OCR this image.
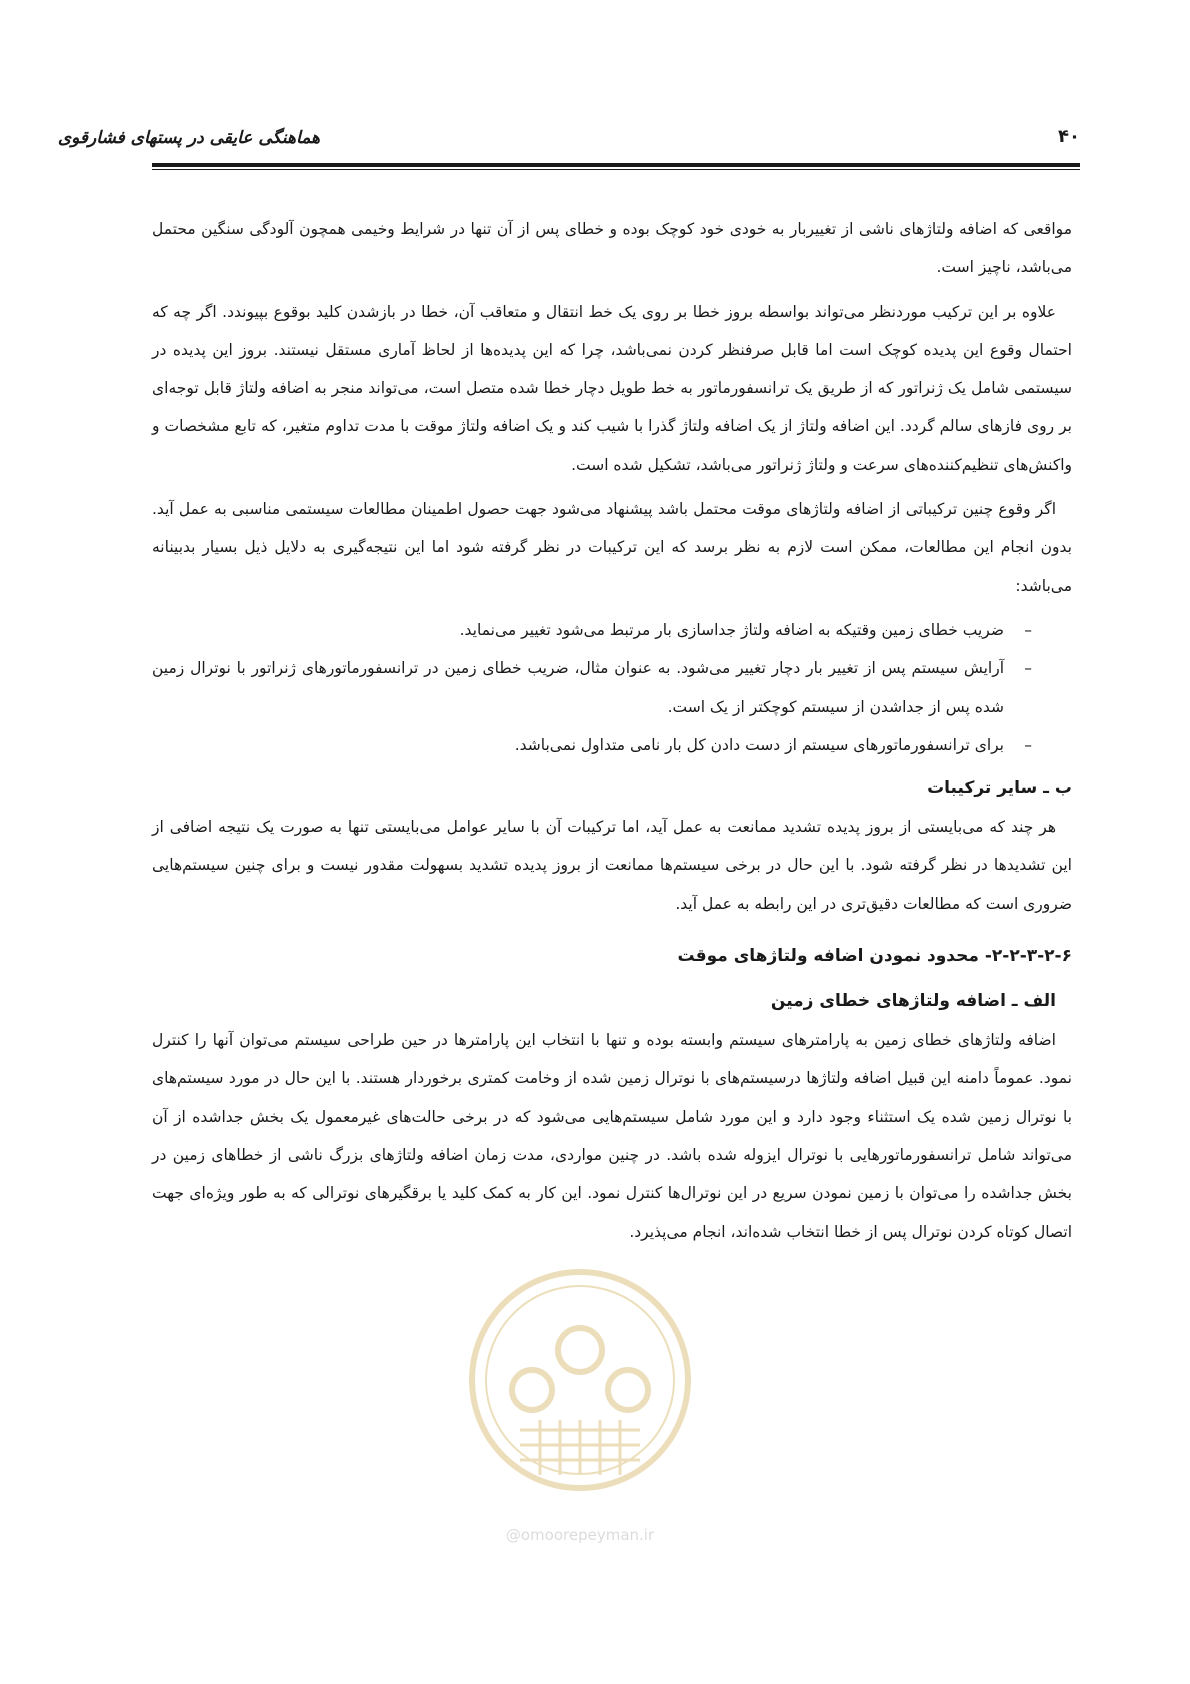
۴۰
هماهنگی عایقی در پستهای فشارقوی

مواقعی که اضافه ولتاژهای ناشی از تغییربار به خودی خود کوچک بوده و خطای پس از آن تنها در شرایط وخیمی همچون آلودگی سنگین محتمل می‌باشد، ناچیز است.

علاوه بر این ترکیب موردنظر می‌تواند بواسطه بروز خطا بر روی یک خط انتقال و متعاقب آن، خطا در بازشدن کلید بوقوع بپیوندد. اگر چه که احتمال وقوع این پدیده کوچک است اما قابل صرفنظر کردن نمی‌باشد، چرا که این پدیده‌ها از لحاظ آماری مستقل نیستند. بروز این پدیده در سیستمی شامل یک ژنراتور که از طریق یک ترانسفورماتور به خط طویل دچار خطا شده متصل است، می‌تواند منجر به اضافه ولتاژ قابل توجه‌ای بر روی فازهای سالم گردد. این اضافه ولتاژ از یک اضافه ولتاژ گذرا با شیب کند و یک اضافه ولتاژ موقت با مدت تداوم متغیر، که تابع مشخصات و واکنش‌های تنظیم‌کننده‌های سرعت و ولتاژ ژنراتور می‌باشد، تشکیل شده است.

اگر وقوع چنین ترکیباتی از اضافه ولتاژهای موقت محتمل باشد پیشنهاد می‌شود جهت حصول اطمینان مطالعات سیستمی مناسبی به عمل آید. بدون انجام این مطالعات، ممکن است لازم به نظر برسد که این ترکیبات در نظر گرفته شود اما این نتیجه‌گیری به دلایل ذیل بسیار بدبینانه می‌باشد:

–
ضریب خطای زمین وقتیکه به اضافه ولتاژ جداسازی بار مرتبط می‌شود تغییر می‌نماید.
–
آرایش سیستم پس از تغییر بار دچار تغییر می‌شود. به عنوان مثال، ضریب خطای زمین در ترانسفورماتورهای ژنراتور با نوترال زمین شده پس از جداشدن از سیستم کوچکتر از یک است.
–
برای ترانسفورماتورهای سیستم از دست دادن کل بار نامی متداول نمی‌باشد.
ب ـ سایر ترکیبات

هر چند که می‌بایستی از بروز پدیده تشدید ممانعت به عمل آید، اما ترکیبات آن با سایر عوامل می‌بایستی تنها به صورت یک نتیجه اضافی از این تشدیدها در نظر گرفته شود. با این حال در برخی سیستم‌ها ممانعت از بروز پدیده تشدید بسهولت مقدور نیست و برای چنین سیستم‌هایی ضروری است که مطالعات دقیق‌تری در این رابطه به عمل آید.

۲-۲-۳-۲-۶- محدود نمودن اضافه ولتاژهای موقت
الف ـ اضافه ولتاژهای خطای زمین

اضافه ولتاژهای خطای زمین به پارامترهای سیستم وابسته بوده و تنها با انتخاب این پارامترها در حین طراحی سیستم می‌توان آنها را کنترل نمود. عموماً دامنه این قبیل اضافه ولتاژها درسیستم‌های با نوترال زمین شده از وخامت کمتری برخوردار هستند. با این حال در مورد سیستم‌های با نوترال زمین شده یک استثناء وجود دارد و این مورد شامل سیستم‌هایی می‌شود که در برخی حالت‌های غیرمعمول یک بخش جداشده از آن می‌تواند شامل ترانسفورماتورهایی با نوترال ایزوله شده باشد. در چنین مواردی، مدت زمان اضافه ولتاژهای بزرگ ناشی از خطاهای زمین در بخش جداشده را می‌توان با زمین نمودن سریع در این نوترال‌ها کنترل نمود. این کار به کمک کلید یا برقگیرهای نوترالی که به طور ویژه‌ای جهت اتصال کوتاه کردن نوترال پس از خطا انتخاب شده‌اند، انجام می‌پذیرد.

@omoorepeyman.ir
